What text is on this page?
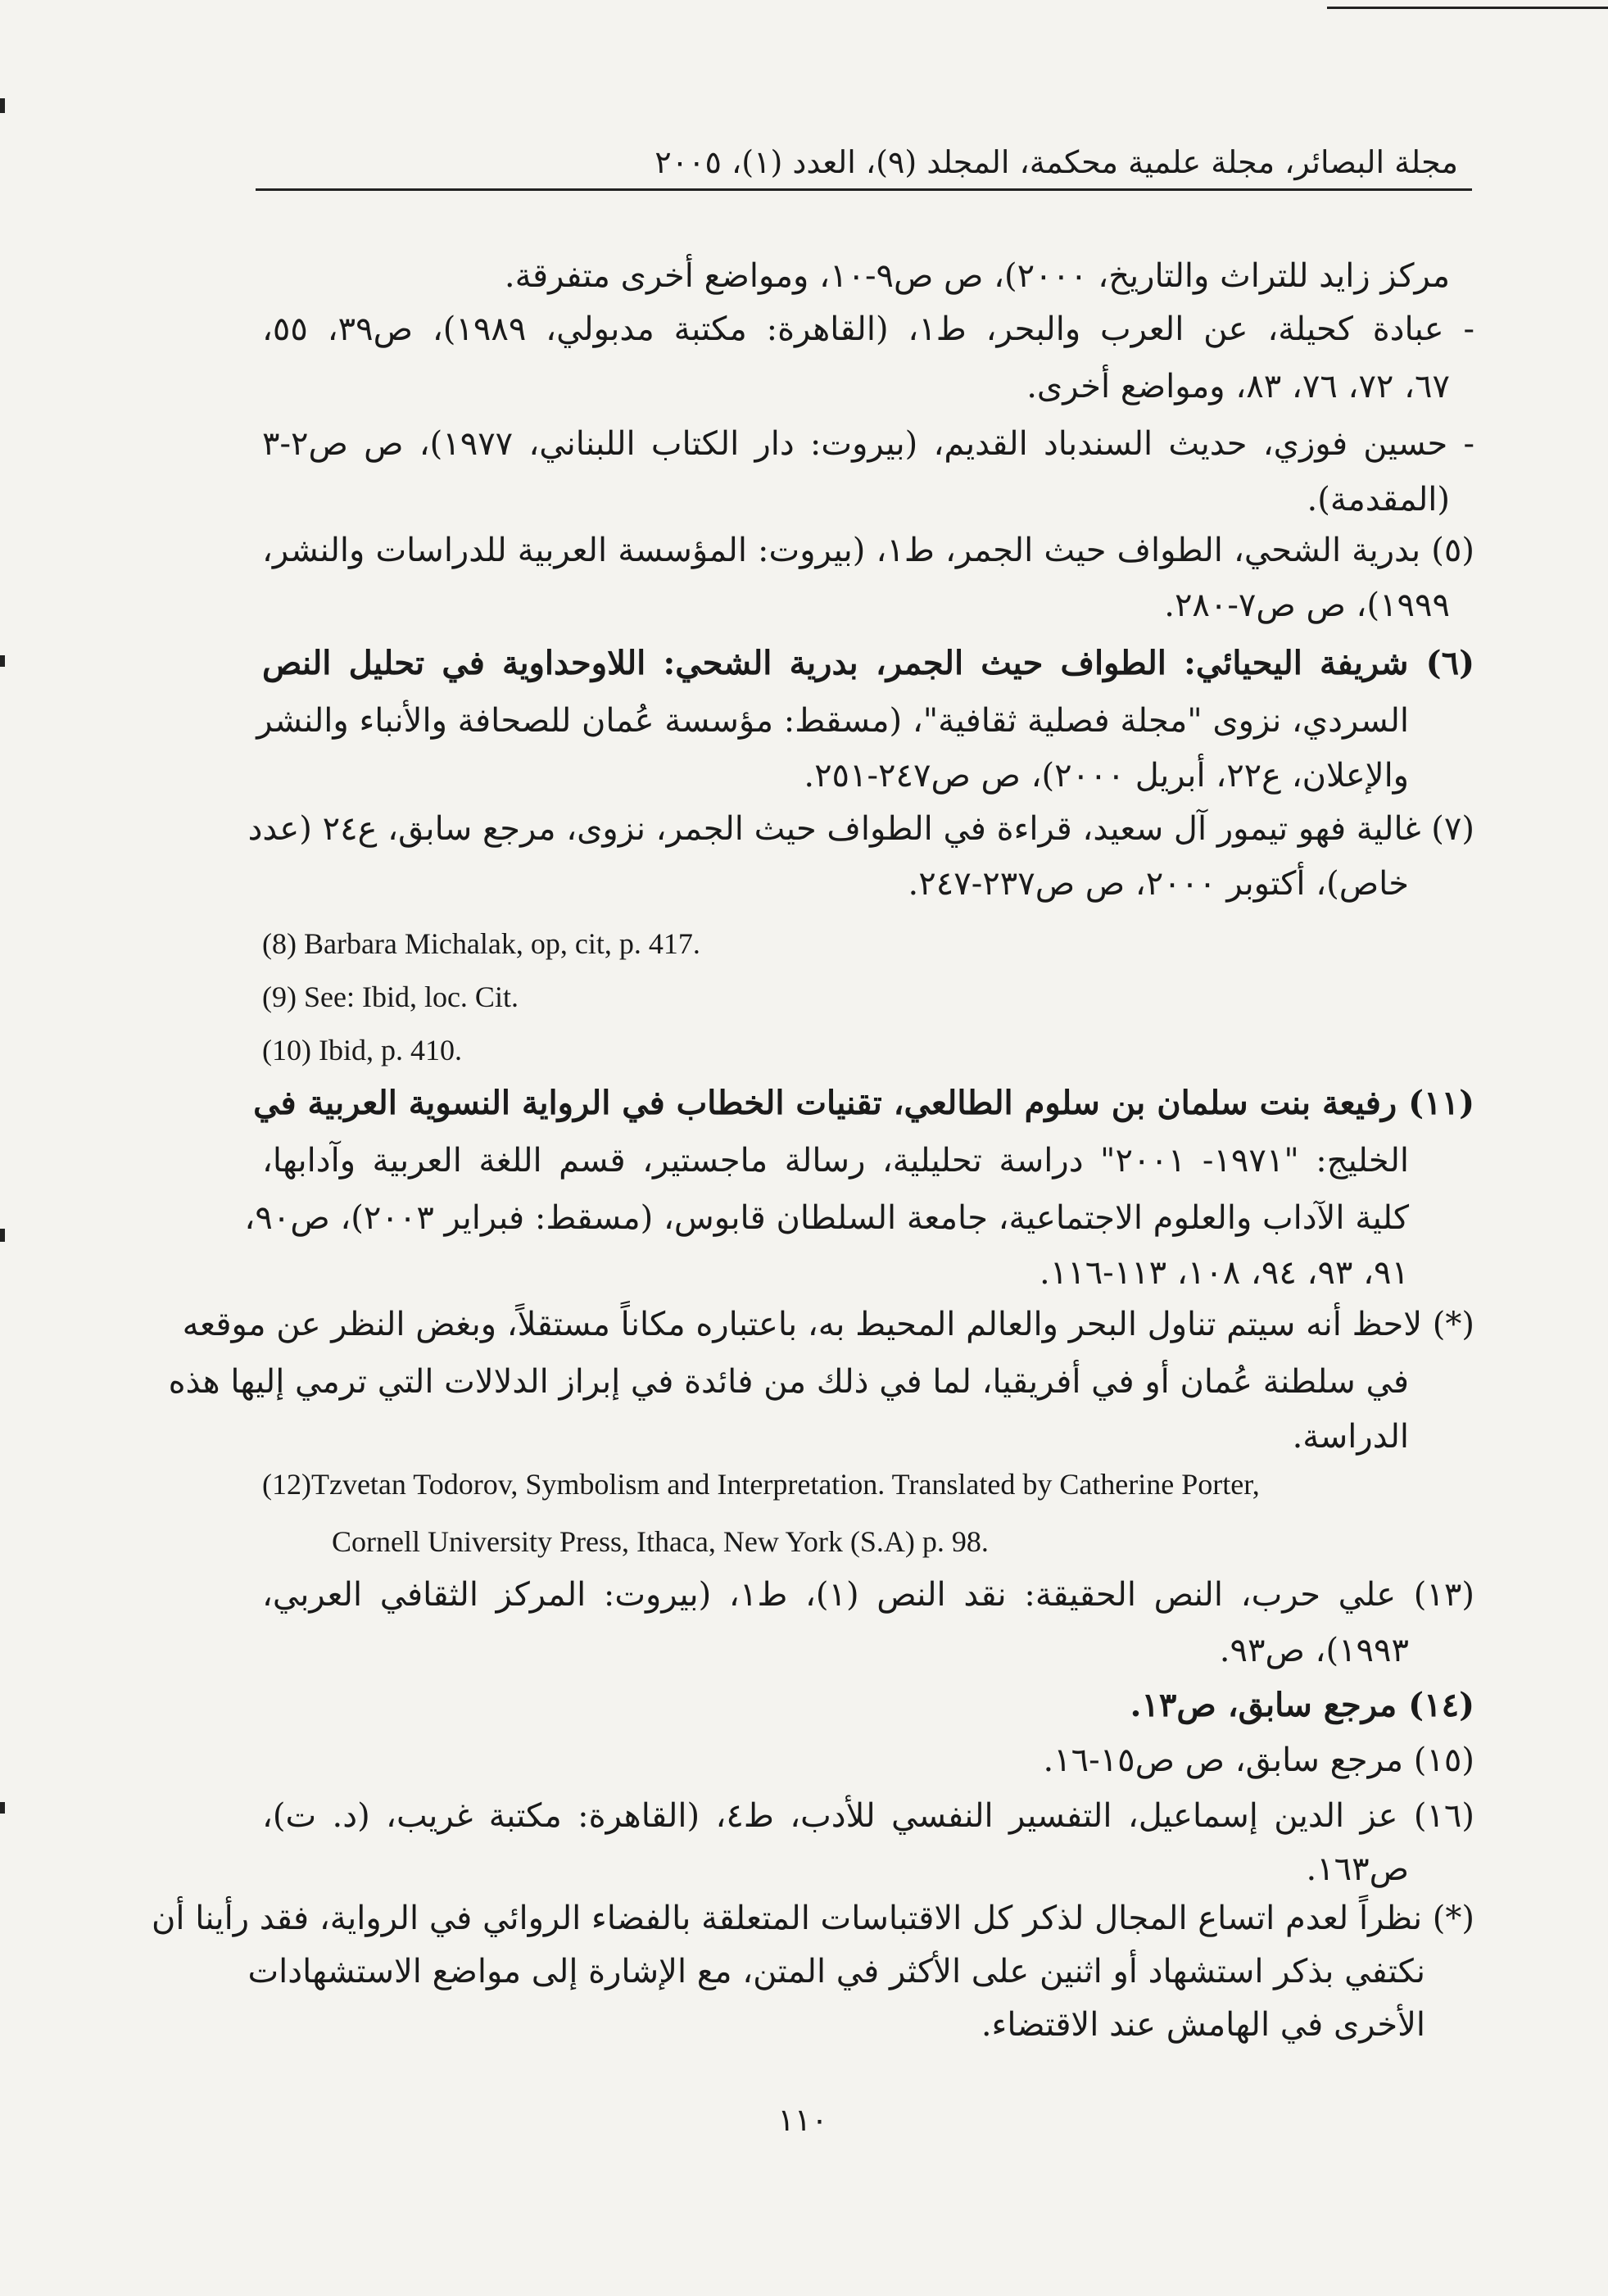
مجلة البصائر، مجلة علمية محكمة، المجلد (٩)، العدد (١)، ٢٠٠٥
مركز زايد للتراث والتاريخ، ٢٠٠٠)، ص ص٩-١٠، ومواضع أخرى متفرقة.
- عبادة كحيلة، عن العرب والبحر، ط١، (القاهرة: مكتبة مدبولي، ١٩٨٩)، ص٣٩، ٥٥،
٦٧، ٧٢، ٧٦، ٨٣، ومواضع أخرى.
- حسين فوزي، حديث السندباد القديم، (بيروت: دار الكتاب اللبناني، ١٩٧٧)، ص ص٢-٣
(المقدمة).
(٥) بدرية الشحي، الطواف حيث الجمر، ط١، (بيروت: المؤسسة العربية للدراسات والنشر،
١٩٩٩)، ص ص٧-٢٨٠.
(٦) شريفة اليحيائي: الطواف حيث الجمر، بدرية الشحي: اللاوحداوية في تحليل النص
السردي، نزوى "مجلة فصلية ثقافية"، (مسقط: مؤسسة عُمان للصحافة والأنباء والنشر
والإعلان، ع٢٢، أبريل ٢٠٠٠)، ص ص٢٤٧-٢٥١.
(٧) غالية فهو تيمور آل سعيد، قراءة في الطواف حيث الجمر، نزوى، مرجع سابق، ع٢٤ (عدد
خاص)، أكتوبر ٢٠٠٠، ص ص٢٣٧-٢٤٧.
(8) Barbara Michalak, op, cit, p. 417.
(9) See: Ibid, loc. Cit.
(10) Ibid, p. 410.
(١١) رفيعة بنت سلمان بن سلوم الطالعي، تقنيات الخطاب في الرواية النسوية العربية في
الخليج: "١٩٧١- ٢٠٠١" دراسة تحليلية، رسالة ماجستير، قسم اللغة العربية وآدابها،
كلية الآداب والعلوم الاجتماعية، جامعة السلطان قابوس، (مسقط: فبراير ٢٠٠٣)، ص٩٠،
٩١، ٩٣، ٩٤، ١٠٨، ١١٣-١١٦.
(*) لاحظ أنه سيتم تناول البحر والعالم المحيط به، باعتباره مكاناً مستقلاً، وبغض النظر عن موقعه
في سلطنة عُمان أو في أفريقيا، لما في ذلك من فائدة في إبراز الدلالات التي ترمي إليها هذه
الدراسة.
(12)Tzvetan Todorov, Symbolism and Interpretation. Translated by Catherine Porter,
Cornell University Press, Ithaca, New York (S.A) p. 98.
(١٣) علي حرب، النص الحقيقة: نقد النص (١)، ط١، (بيروت: المركز الثقافي العربي،
١٩٩٣)، ص٩٣.
(١٤) مرجع سابق، ص١٣.
(١٥) مرجع سابق، ص ص١٥-١٦.
(١٦) عز الدين إسماعيل، التفسير النفسي للأدب، ط٤، (القاهرة: مكتبة غريب، (د. ت)،
ص١٦٣.
(*) نظراً لعدم اتساع المجال لذكر كل الاقتباسات المتعلقة بالفضاء الروائي في الرواية، فقد رأينا أن
نكتفي بذكر استشهاد أو اثنين على الأكثر في المتن، مع الإشارة إلى مواضع الاستشهادات
الأخرى في الهامش عند الاقتضاء.
١١٠
